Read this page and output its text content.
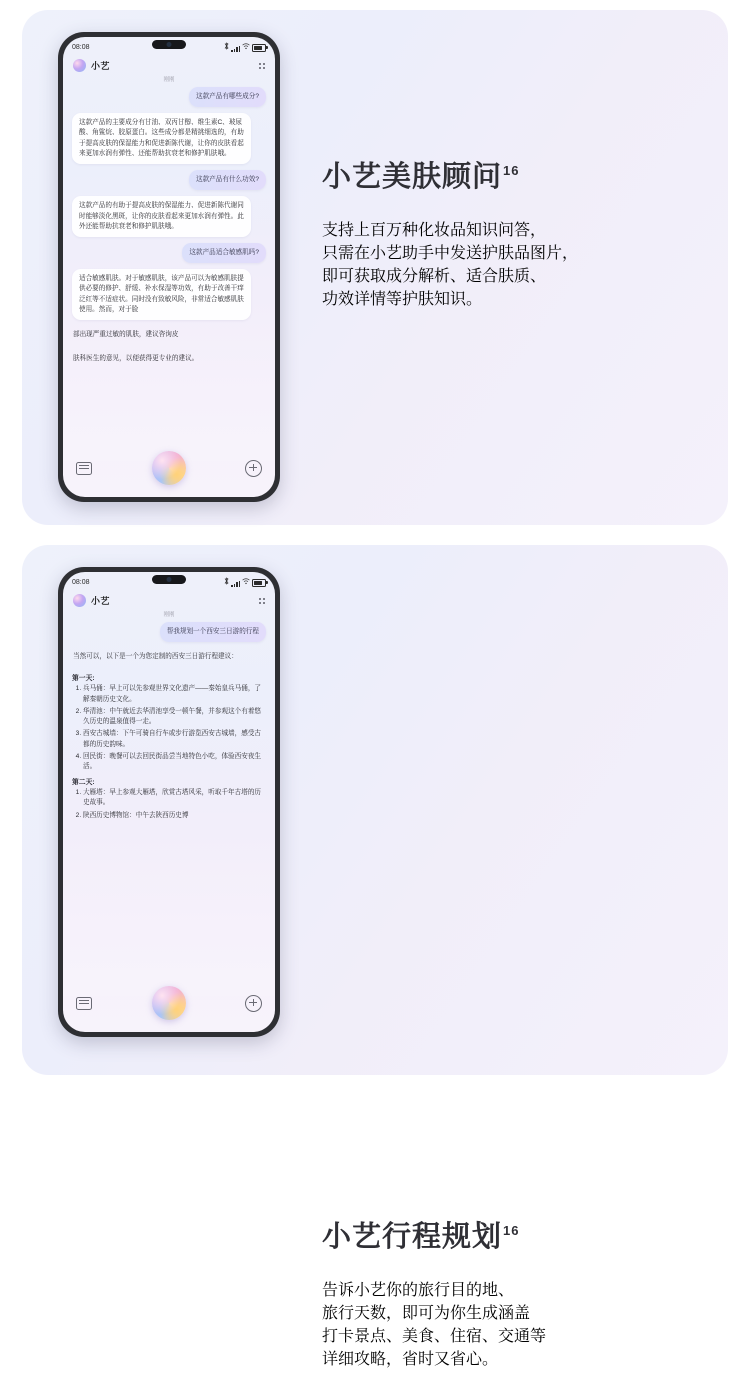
08:08
小艺
刚刚
这款产品有哪些成分?
这款产品的主要成分有甘油、双丙甘醇、维生素C、玻尿酸、角鲨烷、胶原蛋白。这些成分都是精挑细选的，有助于提高皮肤的保湿能力和促进新陈代谢，让你的皮肤看起来更加水润有弹性、还能帮助抗衰老和修护肌肤哦。
这款产品有什么功效?
这款产品的有助于提高皮肤的保湿能力、促进新陈代谢同时能够淡化黑斑，让你的皮肤看起来更加水润有弹性。此外还能帮助抗衰老和修护肌肤哦。
这款产品适合敏感肌吗?
适合敏感肌肤。对于敏感肌肤，该产品可以为敏感肌肤提供必要的修护、舒缓、补水保湿等功效，有助于改善干痒泛红等不适症状。同时没有致敏风险，非常适合敏感肌肤使用。然而，对于脸
部出现严重过敏的肌肤，建议咨询皮
肤科医生的意见，以便获得更专业的建议。
小艺美肤顾问$^{16}$

支持上百万种化妆品知识问答，
只需在小艺助手中发送护肤品图片，
即可获取成分解析、适合肤质、
功效详情等护肤知识。

08:08
小艺
刚刚
帮我规划一个西安三日游的行程
当然可以，以下是一个为您定制的西安三日游行程建议：
第一天:
1. 兵马俑：早上可以先参观世界文化遗产——秦始皇兵马俑，了解秦朝历史文化。
2. 华清池：中午就近去华清池享受一顿午餐，并参观这个有着悠久历史的温泉值得一走。
3. 西安古城墙：下午可骑自行车或步行游览西安古城墙，感受古都的历史韵味。
4. 回民街：晚餐可以去回民街品尝当地特色小吃，体验西安夜生活。
第二天:
1. 大雁塔：早上参观大雁塔，欣赏古塔风采，听取千年古塔的历史故事。
2. 陕西历史博物馆：中午去陕西历史博
小艺行程规划$^{16}$

告诉小艺你的旅行目的地、
旅行天数，即可为你生成涵盖
打卡景点、美食、住宿、交通等
详细攻略，省时又省心。
